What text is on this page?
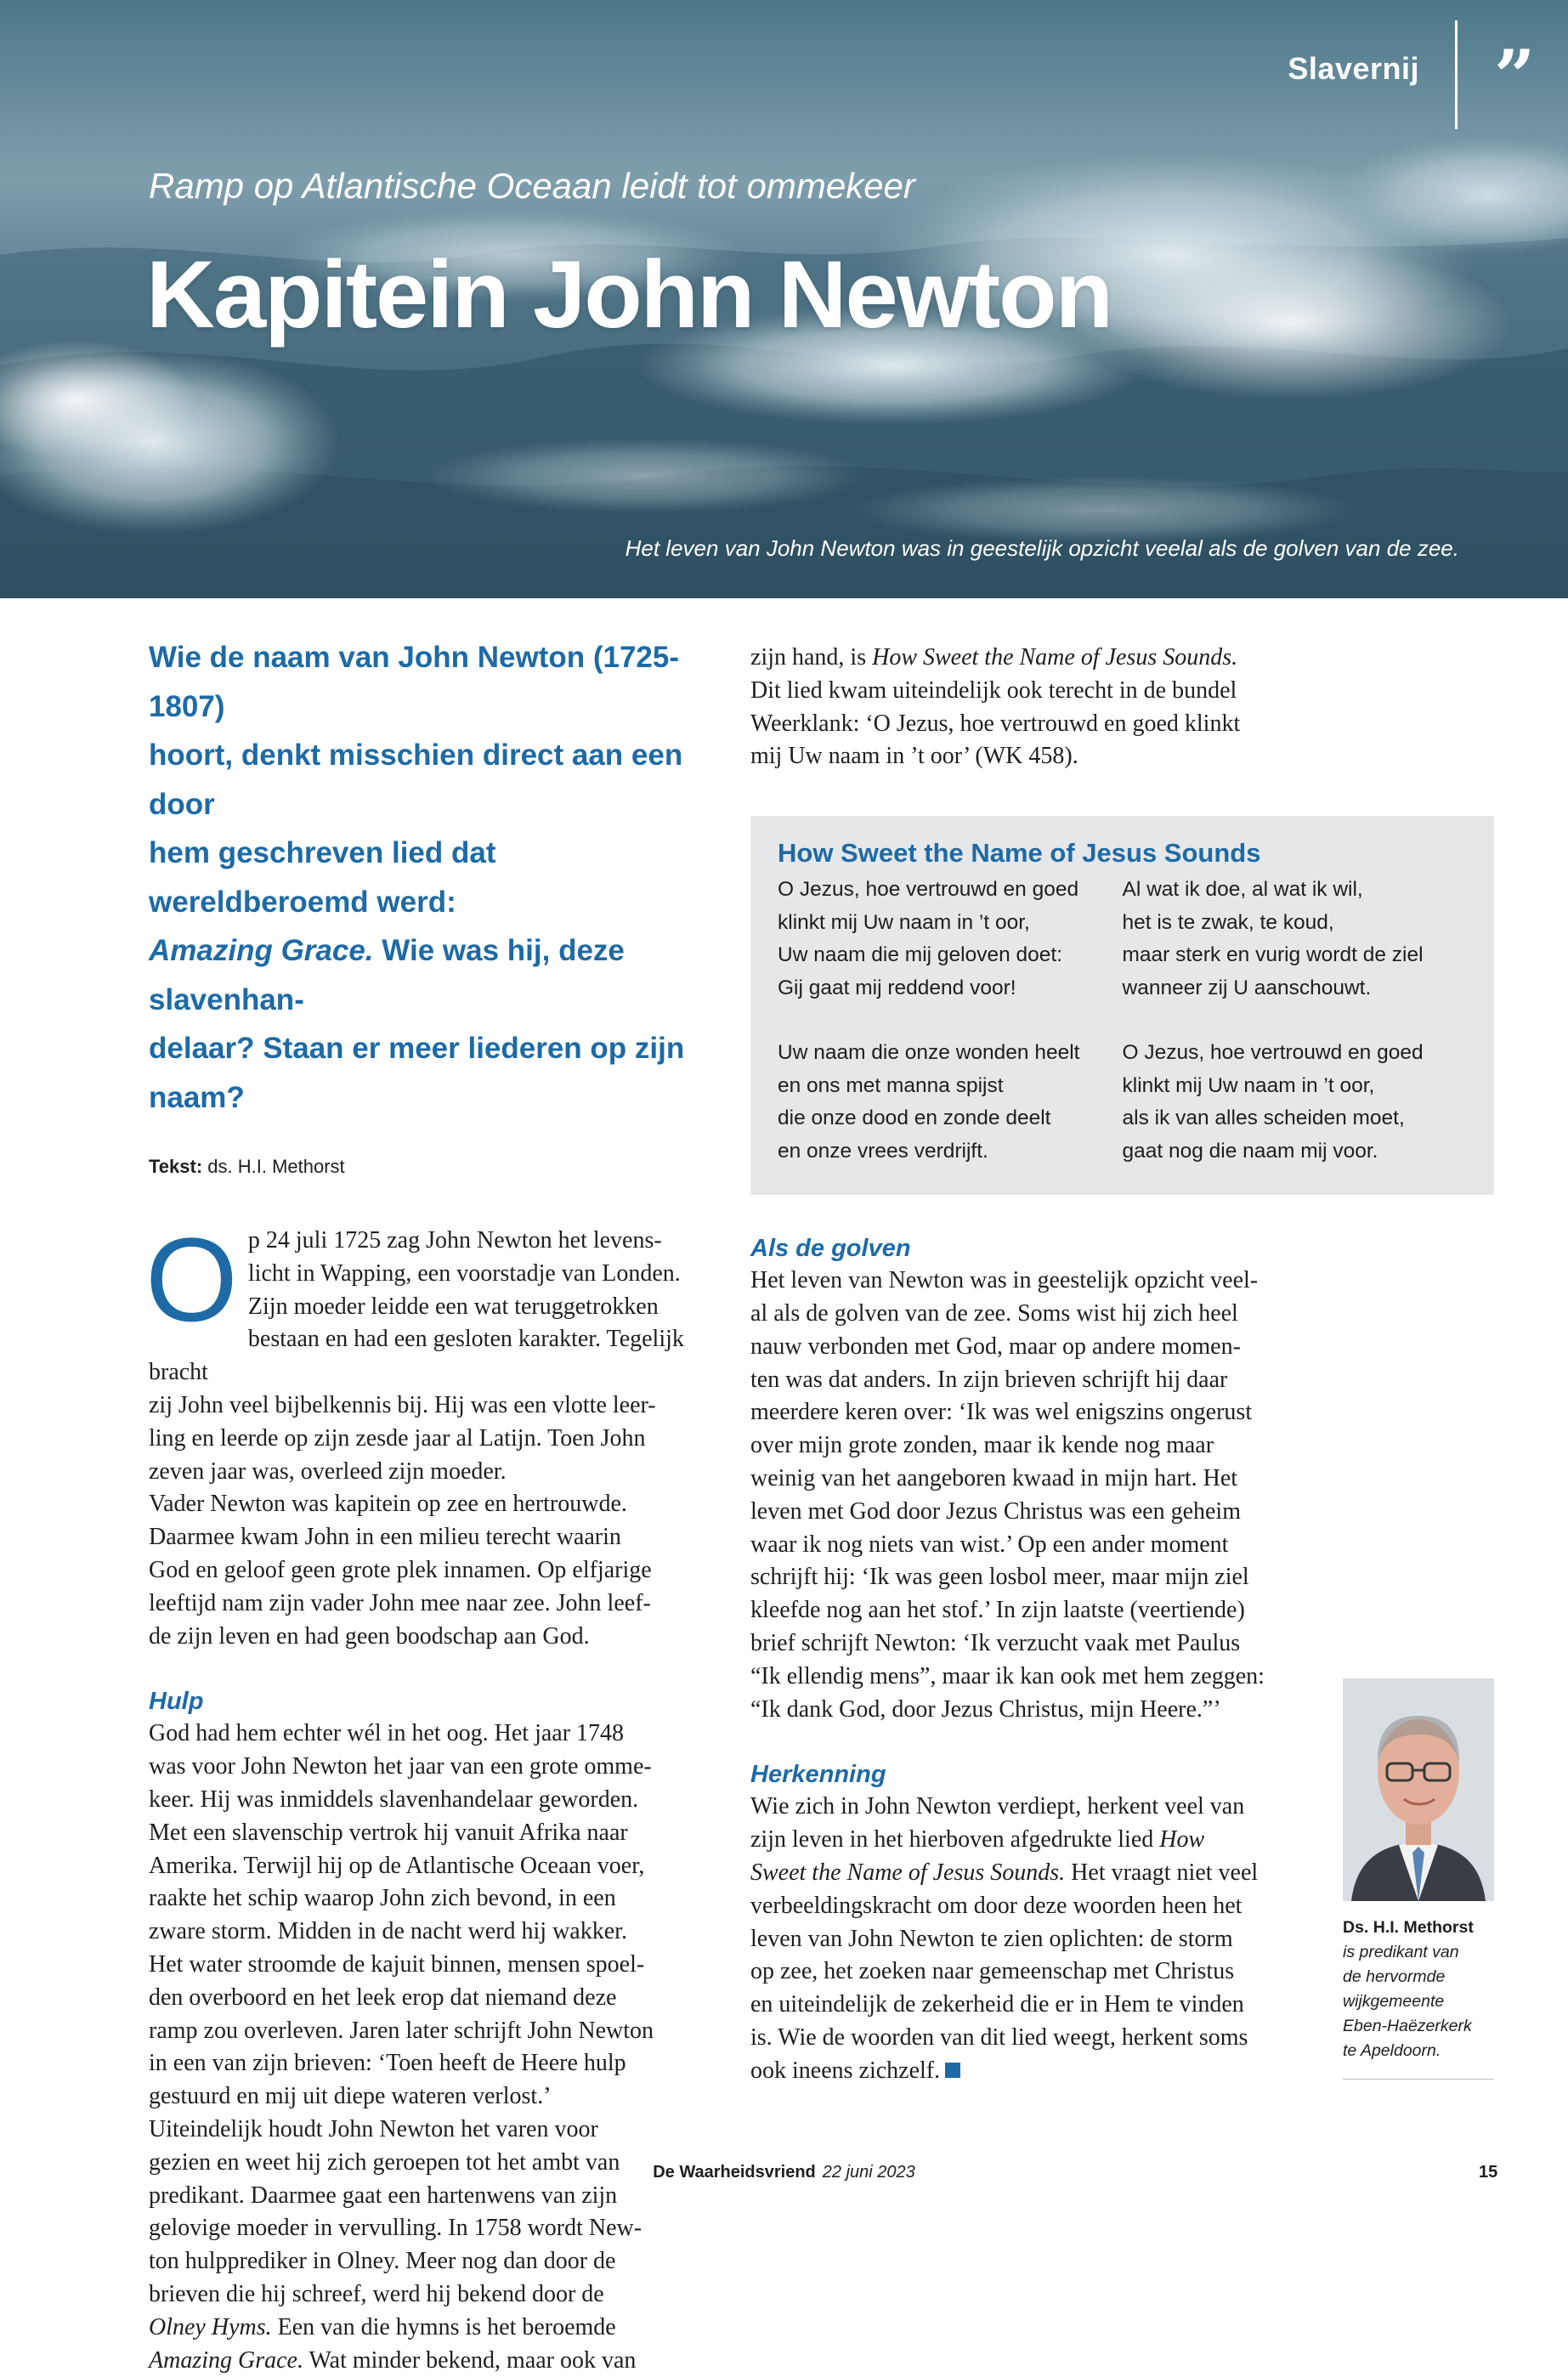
Slavernij ”
Ramp op Atlantische Oceaan leidt tot ommekeer
Kapitein John Newton
Het leven van John Newton was in geestelijk opzicht veelal als de golven van de zee.

Wie de naam van John Newton (1725-1807)
hoort, denkt misschien direct aan een door
hem geschreven lied dat wereldberoemd werd:
Amazing Grace. Wie was hij, deze slavenhan-
delaar? Staan er meer liederen op zijn naam?

Tekst: ds. H.I. Methorst

Op 24 juli 1725 zag John Newton het levens-
licht in Wapping, een voorstadje van Londen.
Zijn moeder leidde een wat teruggetrokken
bestaan en had een gesloten karakter. Tegelijk bracht
zij John veel bijbelkennis bij. Hij was een vlotte leer-
ling en leerde op zijn zesde jaar al Latijn. Toen John
zeven jaar was, overleed zijn moeder.

Vader Newton was kapitein op zee en hertrouwde.
Daarmee kwam John in een milieu terecht waarin
God en geloof geen grote plek innamen. Op elfjarige
leeftijd nam zijn vader John mee naar zee. John leef-
de zijn leven en had geen boodschap aan God.

Hulp

God had hem echter wél in het oog. Het jaar 1748
was voor John Newton het jaar van een grote omme-
keer. Hij was inmiddels slavenhandelaar geworden.
Met een slavenschip vertrok hij vanuit Afrika naar
Amerika. Terwijl hij op de Atlantische Oceaan voer,
raakte het schip waarop John zich bevond, in een
zware storm. Midden in de nacht werd hij wakker.
Het water stroomde de kajuit binnen, mensen spoel-
den overboord en het leek erop dat niemand deze
ramp zou overleven. Jaren later schrijft John Newton
in een van zijn brieven: ‘Toen heeft de Heere hulp
gestuurd en mij uit diepe wateren verlost.’
Uiteindelijk houdt John Newton het varen voor
gezien en weet hij zich geroepen tot het ambt van
predikant. Daarmee gaat een hartenwens van zijn
gelovige moeder in vervulling. In 1758 wordt New-
ton hulpprediker in Olney. Meer nog dan door de
brieven die hij schreef, werd hij bekend door de
Olney Hyms. Een van die hymns is het beroemde
Amazing Grace. Wat minder bekend, maar ook van

zijn hand, is How Sweet the Name of Jesus Sounds.
Dit lied kwam uiteindelijk ook terecht in de bundel
Weerklank: ‘O Jezus, hoe vertrouwd en goed klinkt
mij Uw naam in ’t oor’ (WK 458).

How Sweet the Name of Jesus Sounds

O Jezus, hoe vertrouwd en goed
klinkt mij Uw naam in ’t oor,
Uw naam die mij geloven doet:
Gij gaat mij reddend voor!

Uw naam die onze wonden heelt
en ons met manna spijst
die onze dood en zonde deelt
en onze vrees verdrijft.

Al wat ik doe, al wat ik wil,
het is te zwak, te koud,
maar sterk en vurig wordt de ziel
wanneer zij U aanschouwt.

O Jezus, hoe vertrouwd en goed
klinkt mij Uw naam in ’t oor,
als ik van alles scheiden moet,
gaat nog die naam mij voor.

Als de golven

Het leven van Newton was in geestelijk opzicht veel-
al als de golven van de zee. Soms wist hij zich heel
nauw verbonden met God, maar op andere momen-
ten was dat anders. In zijn brieven schrijft hij daar
meerdere keren over: ‘Ik was wel enigszins ongerust
over mijn grote zonden, maar ik kende nog maar
weinig van het aangeboren kwaad in mijn hart. Het
leven met God door Jezus Christus was een geheim
waar ik nog niets van wist.’ Op een ander moment
schrijft hij: ‘Ik was geen losbol meer, maar mijn ziel
kleefde nog aan het stof.’ In zijn laatste (veertiende)
brief schrijft Newton: ‘Ik verzucht vaak met Paulus
“Ik ellendig mens”, maar ik kan ook met hem zeggen:
“Ik dank God, door Jezus Christus, mijn Heere.”’

Herkenning

Wie zich in John Newton verdiept, herkent veel van
zijn leven in het hierboven afgedrukte lied How
Sweet the Name of Jesus Sounds. Het vraagt niet veel
verbeeldingskracht om door deze woorden heen het
leven van John Newton te zien oplichten: de storm
op zee, het zoeken naar gemeenschap met Christus
en uiteindelijk de zekerheid die er in Hem te vinden
is. Wie de woorden van dit lied weegt, herkent soms
ook ineens zichzelf.

Ds. H.I. Methorst
is predikant van
de hervormde
wijkgemeente
Eben-Haëzerkerk
te Apeldoorn.
De Waarheidsvriend 22 juni 2023	15
